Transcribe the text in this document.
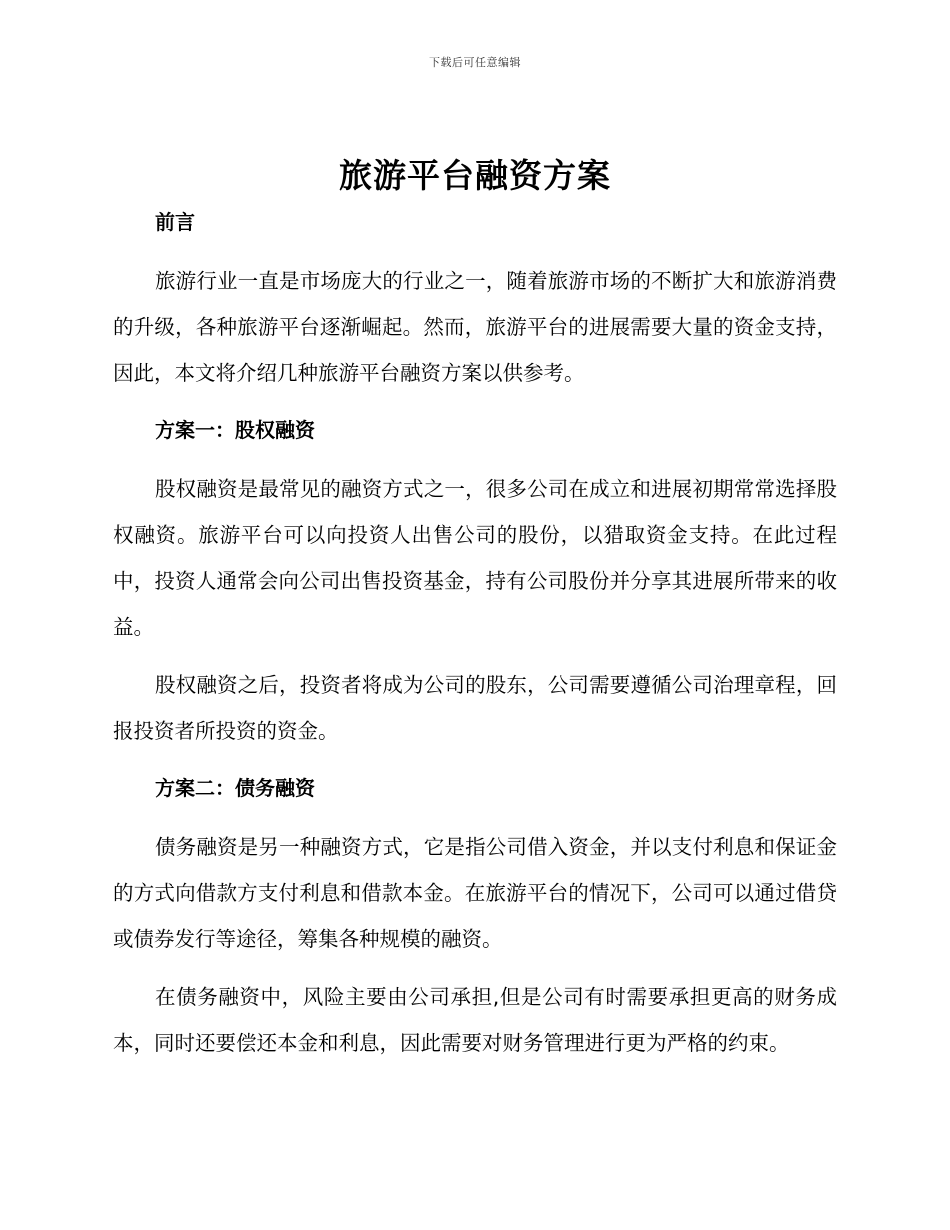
下载后可任意编辑
旅游平台融资方案
前言

旅游行业一直是市场庞大的行业之一，随着旅游市场的不断扩大和旅游消费的升级，各种旅游平台逐渐崛起。然而，旅游平台的进展需要大量的资金支持，因此，本文将介绍几种旅游平台融资方案以供参考。

方案一：股权融资

股权融资是最常见的融资方式之一，很多公司在成立和进展初期常常选择股权融资。旅游平台可以向投资人出售公司的股份，以猎取资金支持。在此过程中，投资人通常会向公司出售投资基金，持有公司股份并分享其进展所带来的收益。

股权融资之后，投资者将成为公司的股东，公司需要遵循公司治理章程，回报投资者所投资的资金。

方案二：债务融资

债务融资是另一种融资方式，它是指公司借入资金，并以支付利息和保证金的方式向借款方支付利息和借款本金。在旅游平台的情况下，公司可以通过借贷或债券发行等途径，筹集各种规模的融资。

在债务融资中，风险主要由公司承担,但是公司有时需要承担更高的财务成本，同时还要偿还本金和利息，因此需要对财务管理进行更为严格的约束。
